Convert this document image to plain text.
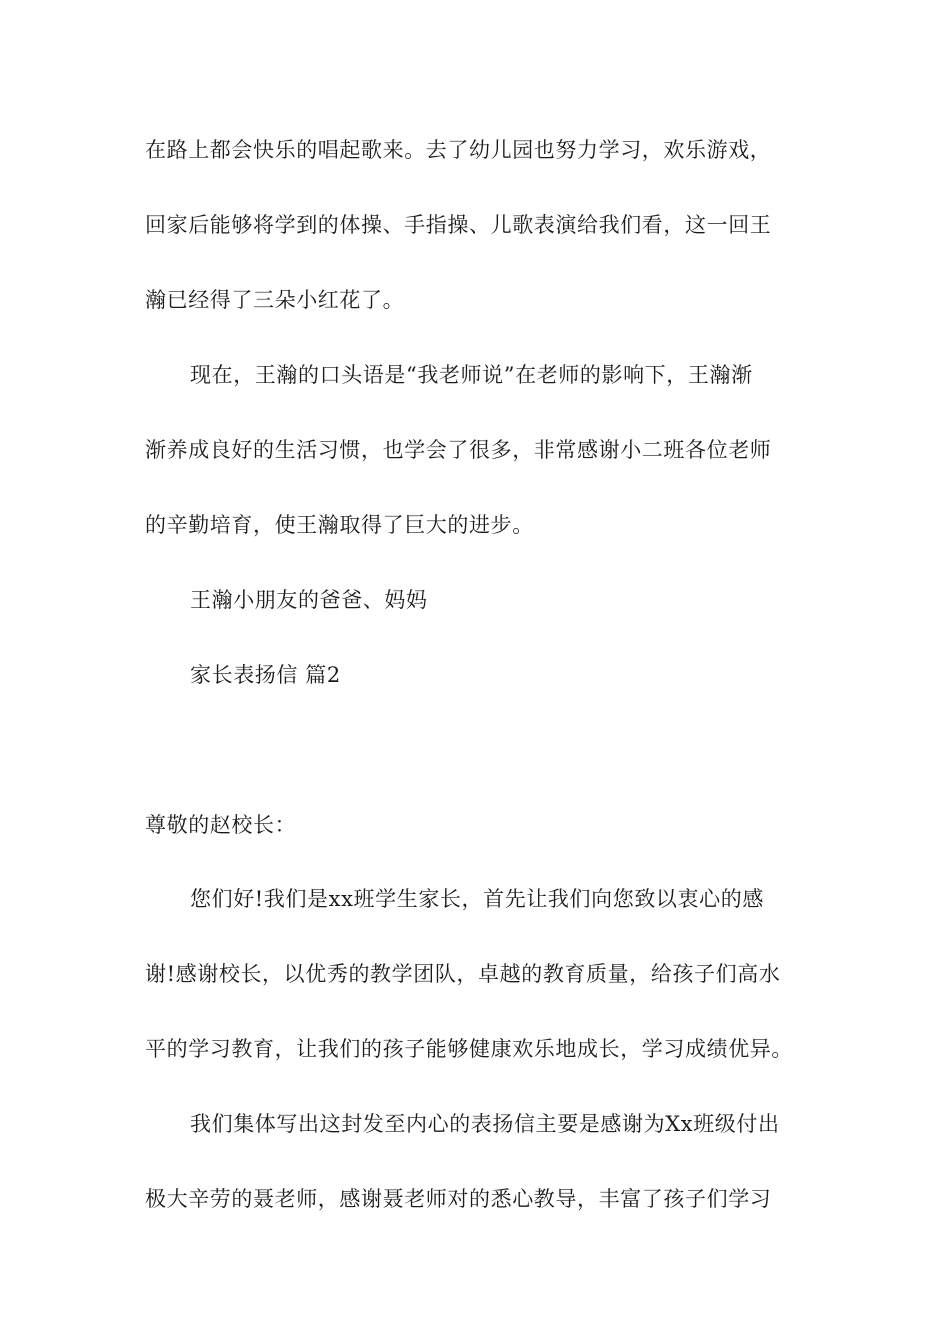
在路上都会快乐的唱起歌来。去了幼儿园也努力学习，欢乐游戏，
回家后能够将学到的体操、手指操、儿歌表演给我们看，这一回王
瀚已经得了三朵小红花了。
现在，王瀚的口头语是“我老师说”在老师的影响下，王瀚渐
渐养成良好的生活习惯，也学会了很多，非常感谢小二班各位老师
的辛勤培育，使王瀚取得了巨大的进步。
王瀚小朋友的爸爸、妈妈
家长表扬信 篇2
尊敬的赵校长：
您们好!我们是xx班学生家长，首先让我们向您致以衷心的感
谢!感谢校长，以优秀的教学团队，卓越的教育质量，给孩子们高水
平的学习教育，让我们的孩子能够健康欢乐地成长，学习成绩优异。
我们集体写出这封发至内心的表扬信主要是感谢为Xx班级付出
极大辛劳的聂老师，感谢聂老师对的悉心教导，丰富了孩子们学习
